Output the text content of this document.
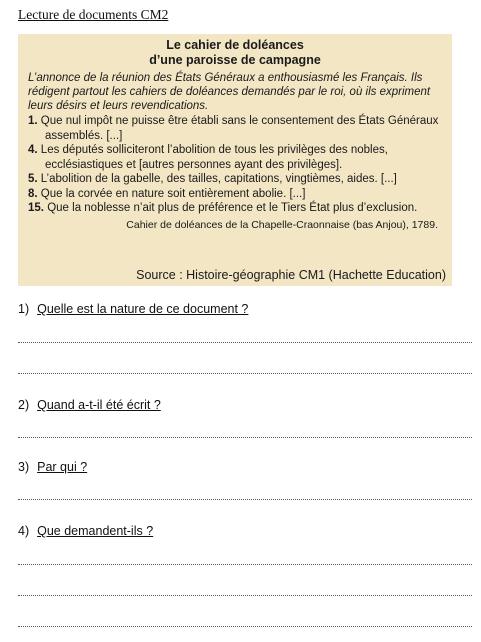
Lecture de documents CM2

Le cahier de doléances

d’une paroisse de campagne

L’annonce de la réunion des États Généraux a enthousiasmé les Français. Ils rédigent partout les cahiers de doléances demandés par le roi, où ils expriment leurs désirs et leurs revendications.

1. Que nul impôt ne puisse être établi sans le consentement des États Généraux assemblés. [...]
4. Les députés solliciteront l’abolition de tous les privilèges des nobles, ecclésiastiques et [autres personnes ayant des privilèges].
5. L’abolition de la gabelle, des tailles, capitations, vingtièmes, aides. [...]
8. Que la corvée en nature soit entièrement abolie. [...]
15. Que la noblesse n’ait plus de préférence et le Tiers État plus d’exclusion.
Cahier de doléances de la Chapelle-Craonnaise (bas Anjou), 1789.
Source : Histoire-géographie CM1 (Hachette Education)
1) Quelle est la nature de ce document ?
2) Quand a-t-il été écrit ?
3) Par qui ?
4) Que demandent-ils ?
